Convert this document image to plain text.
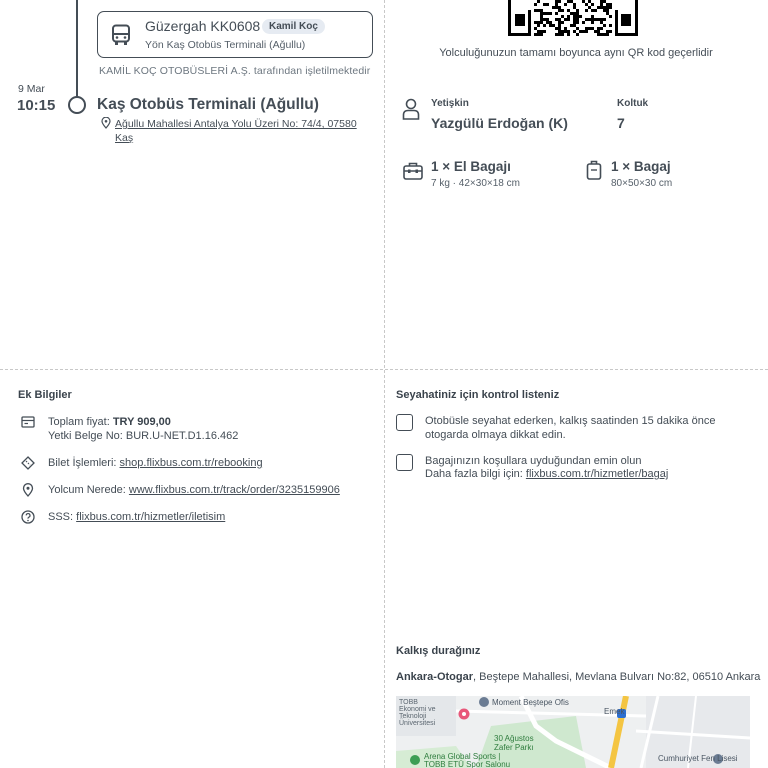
Güzergah KK0608 Kamil Koç
Yön Kaş Otobüs Terminali (Ağullu)
KAMİL KOÇ OTOBÜSLERİ A.Ş. tarafından işletilmektedir
9 Mar
10:15	Kaş Otobüs Terminali (Ağullu)
Ağullu Mahallesi Antalya Yolu Üzeri No: 74/4, 07580 Kaş
Yolculuğunuzun tamamı boyunca aynı QR kod geçerlidir
Yetişkin
Yazgülü Erdoğan (K)
Koltuk
7
1 × El Bagajı
7 kg · 42×30×18 cm
1 × Bagaj
80×50×30 cm
Ek Bilgiler
Toplam fiyat: TRY 909,00
Yetki Belge No: BUR.U-NET.D1.16.462
Bilet İşlemleri: shop.flixbus.com.tr/rebooking
Yolcum Nerede: www.flixbus.com.tr/track/order/3235159906
SSS: flixbus.com.tr/hizmetler/iletisim
Seyahatiniz için kontrol listeniz
Otobüsle seyahat ederken, kalkış saatinden 15 dakika önce otogarda olmaya dikkat edin.
Bagajınızın koşullara uyduğundan emin olun
Daha fazla bilgi için: flixbus.com.tr/hizmetler/bagaj
Kalkış durağınız
Ankara-Otogar, Beştepe Mahallesi, Mevlana Bulvarı No:82, 06510 Ankara
TOBB
Ekonomi ve
Teknoloji
Üniversitesi
Moment Beştepe Ofis
30 Ağustos
Zafer Parkı
Arena Global Sports |
TOBB ETÜ Spor Salonu
Emek
Cumhuriyet Fen Lisesi
